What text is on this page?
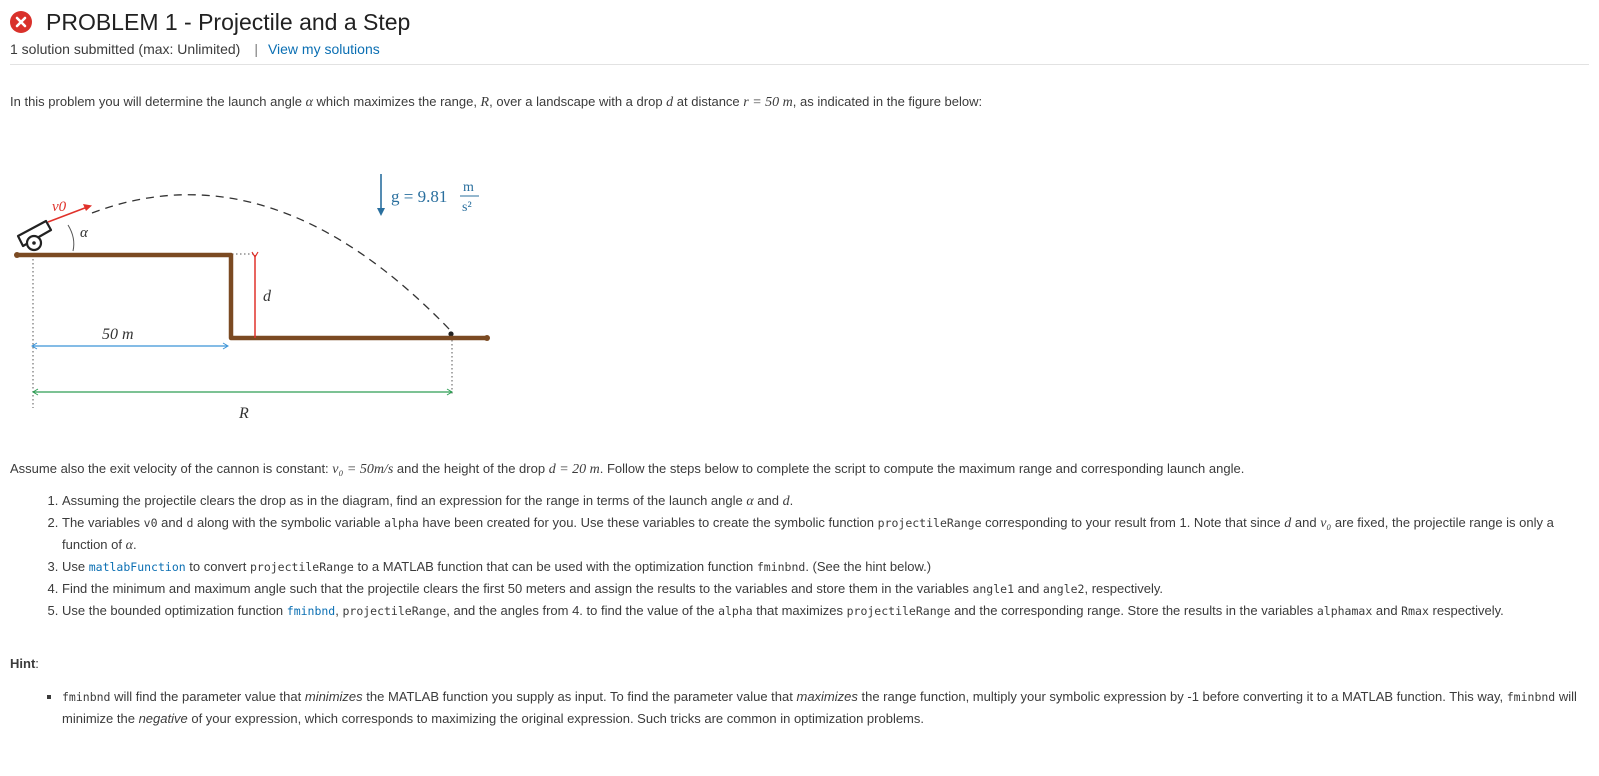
PROBLEM 1 - Projectile and a Step
1 solution submitted (max: Unlimited) | View my solutions
In this problem you will determine the launch angle α which maximizes the range, R, over a landscape with a drop d at distance r = 50 m, as indicated in the figure below:
d
50 m
R
v0
α
g = 9.81 m
s²
Assume also the exit velocity of the cannon is constant: v₀ = 50m/s and the height of the drop d = 20 m. Follow the steps below to complete the script to compute the maximum range and corresponding launch angle.
1. Assuming the projectile clears the drop as in the diagram, find an expression for the range in terms of the launch angle α and d.
2. The variables v0 and d along with the symbolic variable alpha have been created for you. Use these variables to create the symbolic function projectileRange corresponding to your result from 1. Note that since d and v₀ are fixed, the projectile range is only a function of α.
3. Use matlabFunction to convert projectileRange to a MATLAB function that can be used with the optimization function fminbnd. (See the hint below.)
4. Find the minimum and maximum angle such that the projectile clears the first 50 meters and assign the results to the variables and store them in the variables angle1 and angle2, respectively.
5. Use the bounded optimization function fminbnd, projectileRange, and the angles from 4. to find the value of the alpha that maximizes projectileRange and the corresponding range. Store the results in the variables alphamax and Rmax respectively.
Hint:
▪ fminbnd will find the parameter value that minimizes the MATLAB function you supply as input. To find the parameter value that maximizes the range function, multiply your symbolic expression by -1 before converting it to a MATLAB function. This way, fminbnd will minimize the negative of your expression, which corresponds to maximizing the original expression. Such tricks are common in optimization problems.
